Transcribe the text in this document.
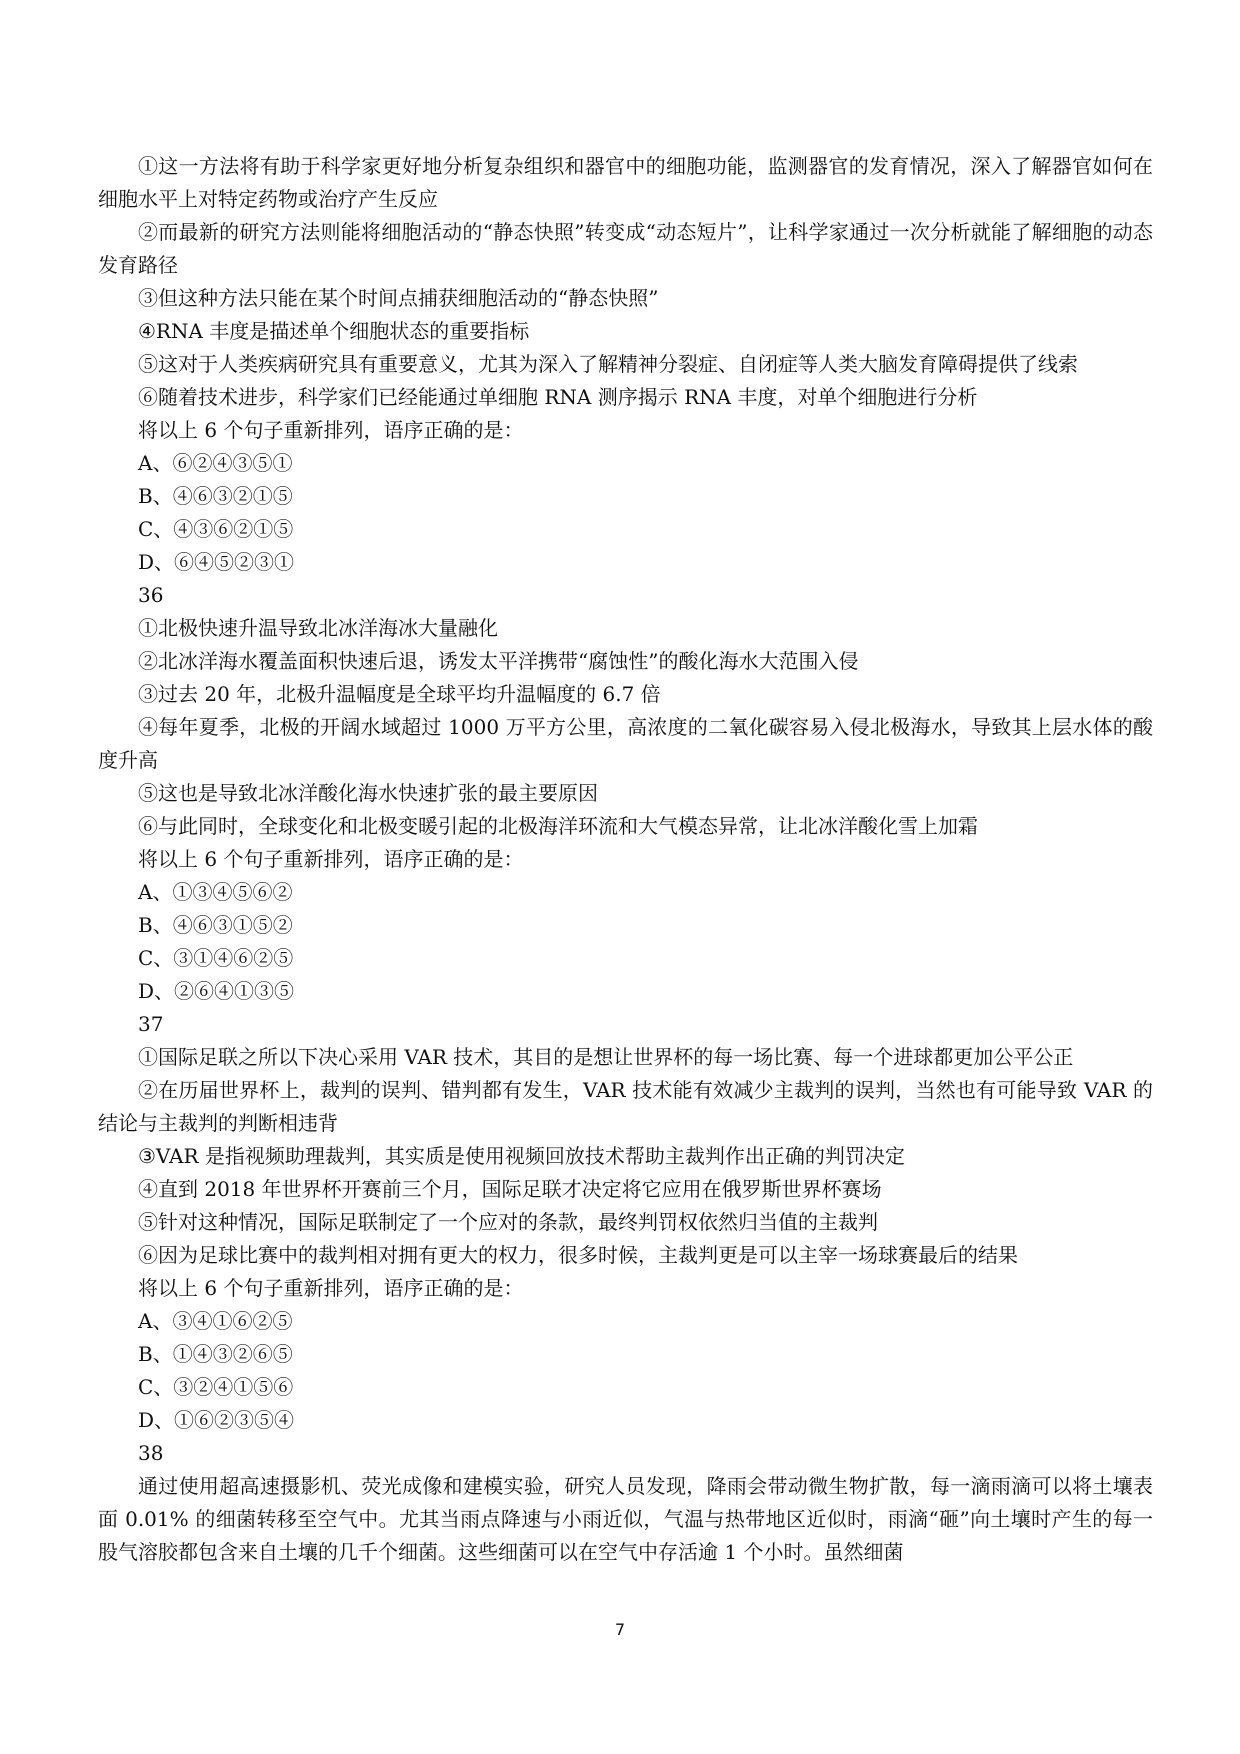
①这一方法将有助于科学家更好地分析复杂组织和器官中的细胞功能，监测器官的发育情况，深入了解器官如何在细胞水平上对特定药物或治疗产生反应

②而最新的研究方法则能将细胞活动的“静态快照”转变成“动态短片”，让科学家通过一次分析就能了解细胞的动态发育路径

③但这种方法只能在某个时间点捕获细胞活动的“静态快照”

④RNA 丰度是描述单个细胞状态的重要指标

⑤这对于人类疾病研究具有重要意义，尤其为深入了解精神分裂症、自闭症等人类大脑发育障碍提供了线索

⑥随着技术进步，科学家们已经能通过单细胞 RNA 测序揭示 RNA 丰度，对单个细胞进行分析

将以上 6 个句子重新排列，语序正确的是：

A、⑥②④③⑤①

B、④⑥③②①⑤

C、④③⑥②①⑤

D、⑥④⑤②③①

36

①北极快速升温导致北冰洋海冰大量融化

②北冰洋海水覆盖面积快速后退，诱发太平洋携带“腐蚀性”的酸化海水大范围入侵

③过去 20 年，北极升温幅度是全球平均升温幅度的 6.7 倍

④每年夏季，北极的开阔水域超过 1000 万平方公里，高浓度的二氧化碳容易入侵北极海水，导致其上层水体的酸度升高

⑤这也是导致北冰洋酸化海水快速扩张的最主要原因

⑥与此同时，全球变化和北极变暖引起的北极海洋环流和大气模态异常，让北冰洋酸化雪上加霜

将以上 6 个句子重新排列，语序正确的是：

A、①③④⑤⑥②

B、④⑥③①⑤②

C、③①④⑥②⑤

D、②⑥④①③⑤

37

①国际足联之所以下决心采用 VAR 技术，其目的是想让世界杯的每一场比赛、每一个进球都更加公平公正

②在历届世界杯上，裁判的误判、错判都有发生，VAR 技术能有效减少主裁判的误判，当然也有可能导致 VAR 的结论与主裁判的判断相违背

③VAR 是指视频助理裁判，其实质是使用视频回放技术帮助主裁判作出正确的判罚决定

④直到 2018 年世界杯开赛前三个月，国际足联才决定将它应用在俄罗斯世界杯赛场

⑤针对这种情况，国际足联制定了一个应对的条款，最终判罚权依然归当值的主裁判

⑥因为足球比赛中的裁判相对拥有更大的权力，很多时候，主裁判更是可以主宰一场球赛最后的结果

将以上 6 个句子重新排列，语序正确的是：

A、③④①⑥②⑤

B、①④③②⑥⑤

C、③②④①⑤⑥

D、①⑥②③⑤④

38

通过使用超高速摄影机、荧光成像和建模实验，研究人员发现，降雨会带动微生物扩散，每一滴雨滴可以将土壤表面 0.01% 的细菌转移至空气中。尤其当雨点降速与小雨近似，气温与热带地区近似时，雨滴“砸”向土壤时产生的每一股气溶胶都包含来自土壤的几千个细菌。这些细菌可以在空气中存活逾 1 个小时。虽然细菌

7
